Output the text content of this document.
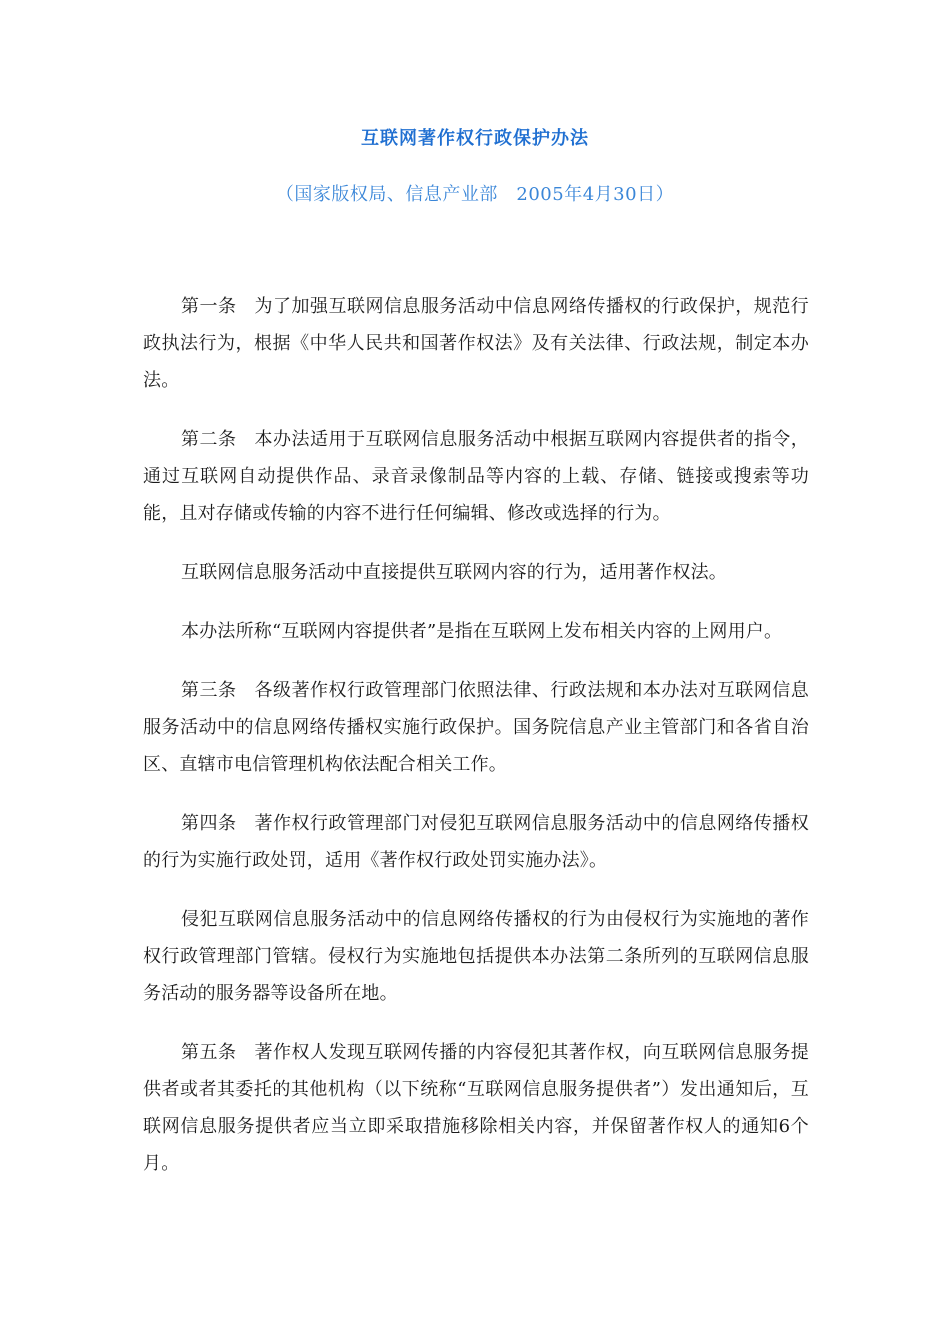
互联网著作权行政保护办法
（国家版权局、信息产业部　2005年4月30日）

第一条 为了加强互联网信息服务活动中信息网络传播权的行政保护，规范行政执法行为，根据《中华人民共和国著作权法》及有关法律、行政法规，制定本办法。

第二条 本办法适用于互联网信息服务活动中根据互联网内容提供者的指令，通过互联网自动提供作品、录音录像制品等内容的上载、存储、链接或搜索等功能，且对存储或传输的内容不进行任何编辑、修改或选择的行为。

互联网信息服务活动中直接提供互联网内容的行为，适用著作权法。

本办法所称“互联网内容提供者”是指在互联网上发布相关内容的上网用户。

第三条 各级著作权行政管理部门依照法律、行政法规和本办法对互联网信息服务活动中的信息网络传播权实施行政保护。国务院信息产业主管部门和各省自治区、直辖市电信管理机构依法配合相关工作。

第四条 著作权行政管理部门对侵犯互联网信息服务活动中的信息网络传播权的行为实施行政处罚，适用《著作权行政处罚实施办法》。

侵犯互联网信息服务活动中的信息网络传播权的行为由侵权行为实施地的著作权行政管理部门管辖。侵权行为实施地包括提供本办法第二条所列的互联网信息服务活动的服务器等设备所在地。

第五条 著作权人发现互联网传播的内容侵犯其著作权，向互联网信息服务提供者或者其委托的其他机构（以下统称“互联网信息服务提供者”）发出通知后，互联网信息服务提供者应当立即采取措施移除相关内容，并保留著作权人的通知6个月。
